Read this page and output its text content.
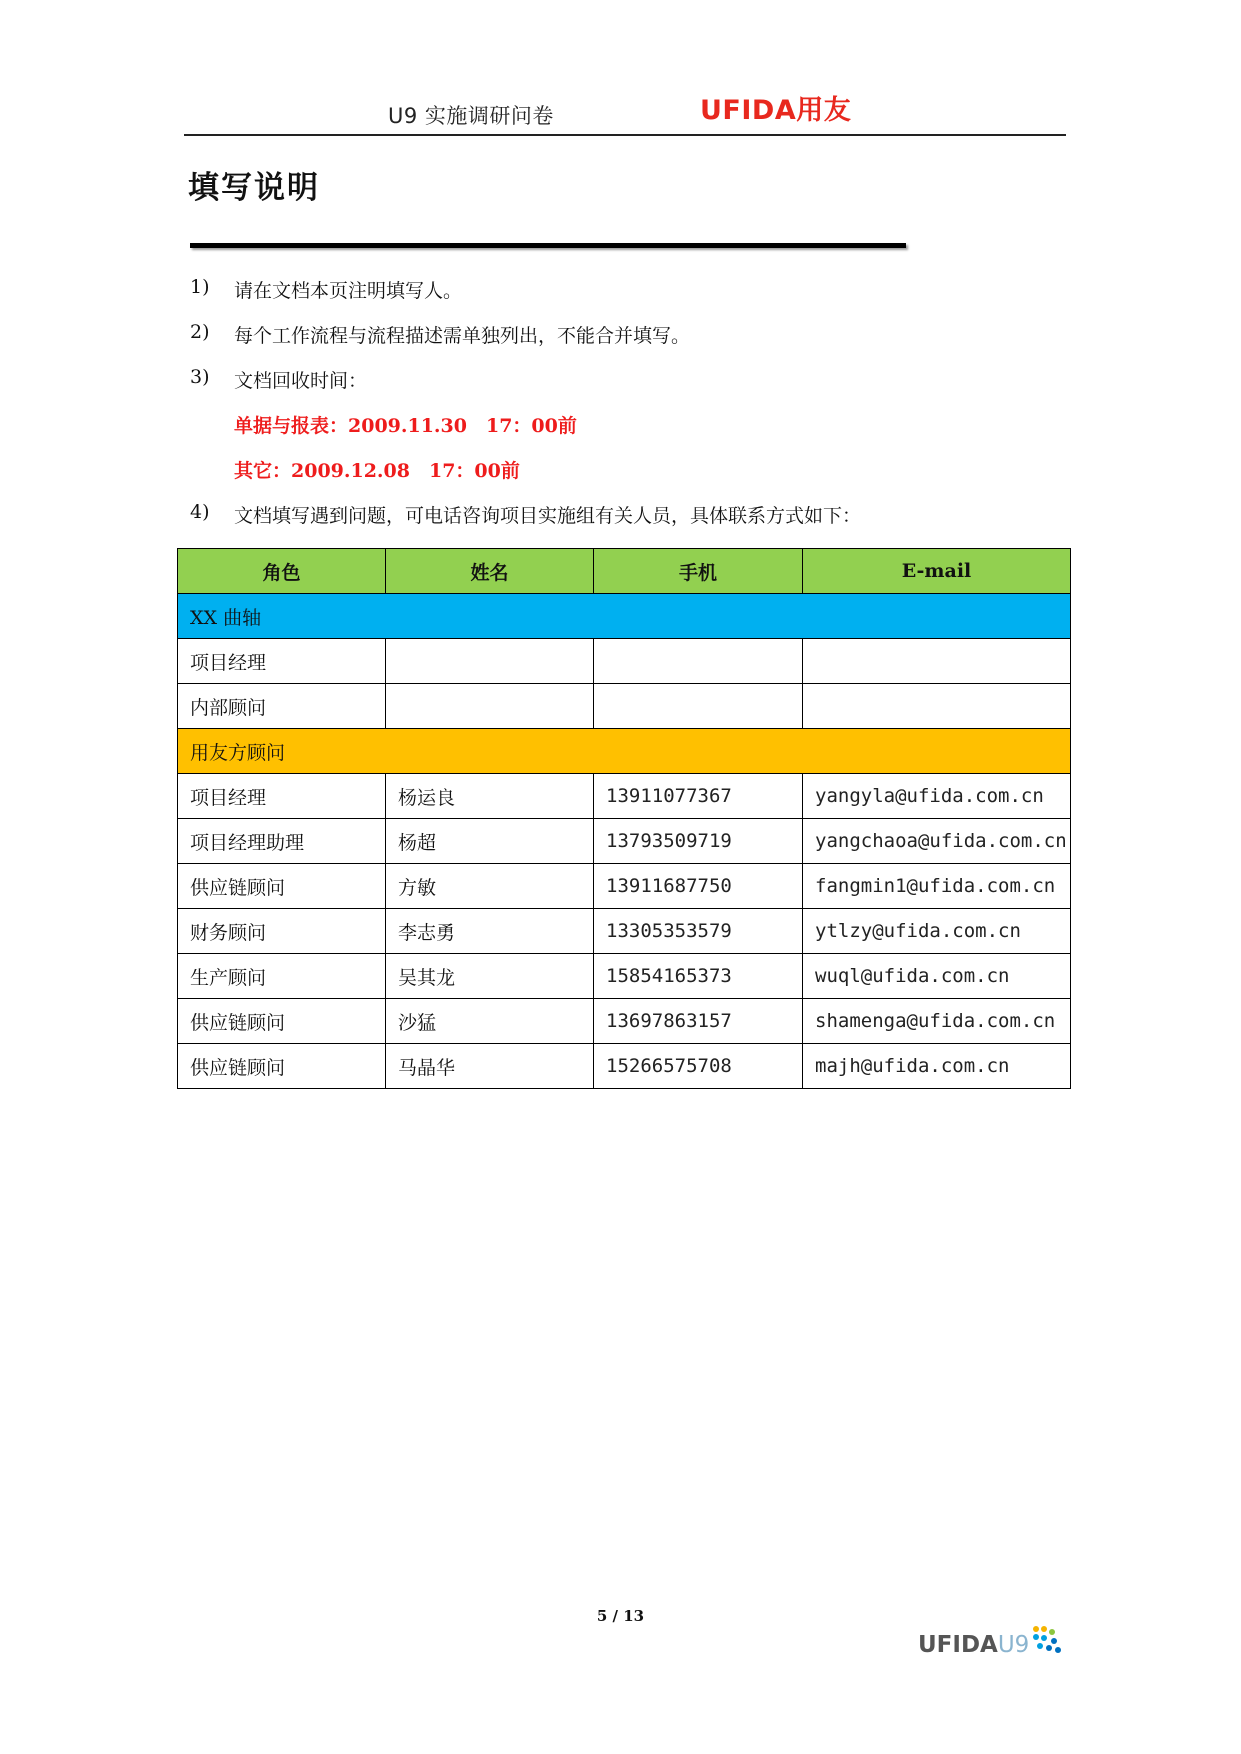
U9 实施调研问卷	UFIDA用友
填写说明
1) 请在文档本页注明填写人。
2) 每个工作流程与流程描述需单独列出，不能合并填写。
3) 文档回收时间：
单据与报表：2009.11.30　17：00前
其它：2009.12.08　17：00前
4) 文档填写遇到问题，可电话咨询项目实施组有关人员，具体联系方式如下：
角色	姓名	手机	E-mail
XX 曲轴			
项目经理			
内部顾问			
用友方顾问			
项目经理	杨运良	13911077367	yangyla@ufida.com.cn
项目经理助理	杨超	13793509719	yangchaoa@ufida.com.cn
供应链顾问	方敏	13911687750	fangmin1@ufida.com.cn
财务顾问	李志勇	13305353579	ytlzy@ufida.com.cn
生产顾问	吴其龙	15854165373	wuql@ufida.com.cn
供应链顾问	沙猛	13697863157	shamenga@ufida.com.cn
供应链顾问	马晶华	15266575708	majh@ufida.com.cn
5 / 13
UFIDAU9
